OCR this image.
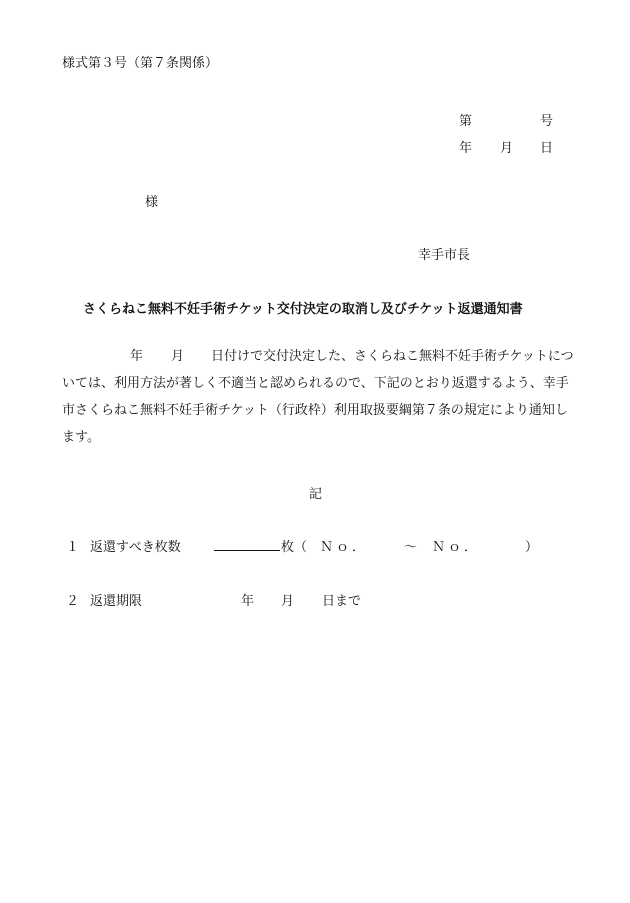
様式第３号（第７条関係）
第	号
年 月 日
様
幸手市長
さくらねこ無料不妊手術チケット交付決定の取消し及びチケット返還通知書
年 月 日付けで交付決定した、さくらねこ無料不妊手術チケットについては、利用方法が著しく不適当と認められるので、下記のとおり返還するよう、幸手市さくらねこ無料不妊手術チケット（行政枠）利用取扱要綱第７条の規定により通知します。
記
１ 返還すべき枚数	枚（ Ｎｏ．	～ Ｎｏ．	）
２ 返還期限	年 月 日まで
